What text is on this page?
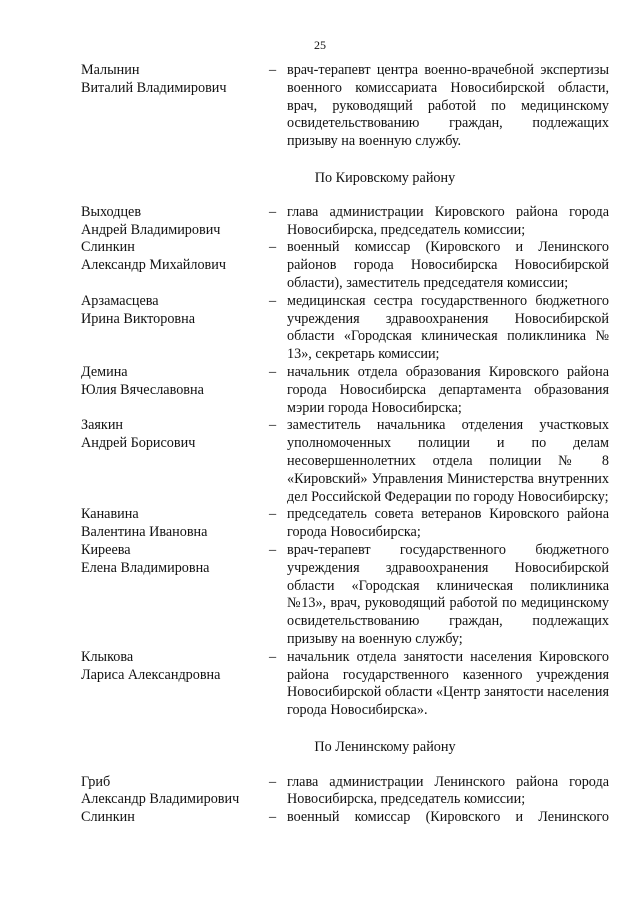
25
Малынин
Виталий Владимирович
– врач-терапевт центра военно-врачебной экспертизы военного комиссариата Новосибирской области, врач, руководящий работой по медицинскому освидетельствованию граждан, подлежащих призыву на военную службу.
По Кировскому району
Выходцев
Андрей Владимирович
– глава администрации Кировского района города Новосибирска, председатель комиссии;
Слинкин
Александр Михайлович
– военный комиссар (Кировского и Ленинского районов города Новосибирска Новосибирской области), заместитель председателя комиссии;
Арзамасцева
Ирина Викторовна
– медицинская сестра государственного бюджетного учреждения здравоохранения Новосибирской области «Городская клиническая поликлиника № 13», секретарь комиссии;
Демина
Юлия Вячеславовна
– начальник отдела образования Кировского района города Новосибирска департамента образования мэрии города Новосибирска;
Заякин
Андрей Борисович
– заместитель начальника отделения участковых уполномоченных полиции и по делам несовершеннолетних отдела полиции № 8 «Кировский» Управления Министерства внутренних дел Российской Федерации по городу Новосибирску;
Канавина
Валентина Ивановна
– председатель совета ветеранов Кировского района города Новосибирска;
Киреева
Елена Владимировна
– врач-терапевт государственного бюджетного учреждения здравоохранения Новосибирской области «Городская клиническая поликлиника №13», врач, руководящий работой по медицинскому освидетельствованию граждан, подлежащих призыву на военную службу;
Клыкова
Лариса Александровна
– начальник отдела занятости населения Кировского района государственного казенного учреждения Новосибирской области «Центр занятости населения города Новосибирска».
По Ленинскому району
Гриб
Александр Владимирович
– глава администрации Ленинского района города Новосибирска, председатель комиссии;
Слинкин	– военный комиссар (Кировского и Ленинского
